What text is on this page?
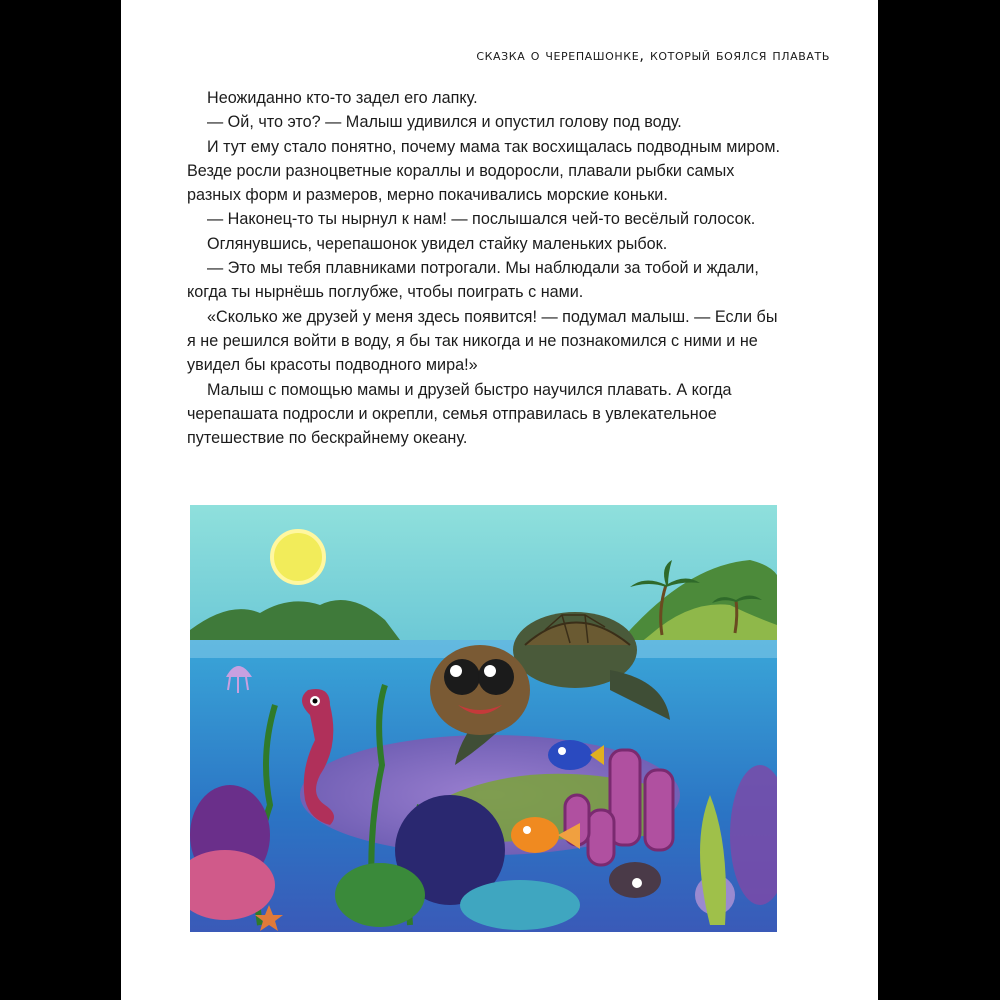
сказка о черепашонке, который боялся плавать

Неожиданно кто-то задел его лапку.

— Ой, что это? — Малыш удивился и опустил голову под воду.

И тут ему стало понятно, почему мама так восхищалась подводным миром. Везде росли разноцветные кораллы и водоросли, плавали рыбки самых разных форм и размеров, мерно покачивались морские коньки.

— Наконец-то ты нырнул к нам! — послышался чей-то весёлый голосок.

Оглянувшись, черепашонок увидел стайку маленьких рыбок.

— Это мы тебя плавниками потрогали. Мы наблюдали за тобой и ждали, когда ты нырнёшь поглубже, чтобы поиграть с нами.

«Сколько же друзей у меня здесь появится! — подумал малыш. — Если бы я не решился войти в воду, я бы так никогда и не познакомился с ними и не увидел бы красоты подводного мира!»

Малыш с помощью мамы и друзей быстро научился плавать. А когда черепашата подросли и окрепли, семья отправилась в увлекательное путешествие по бескрайнему океану.
